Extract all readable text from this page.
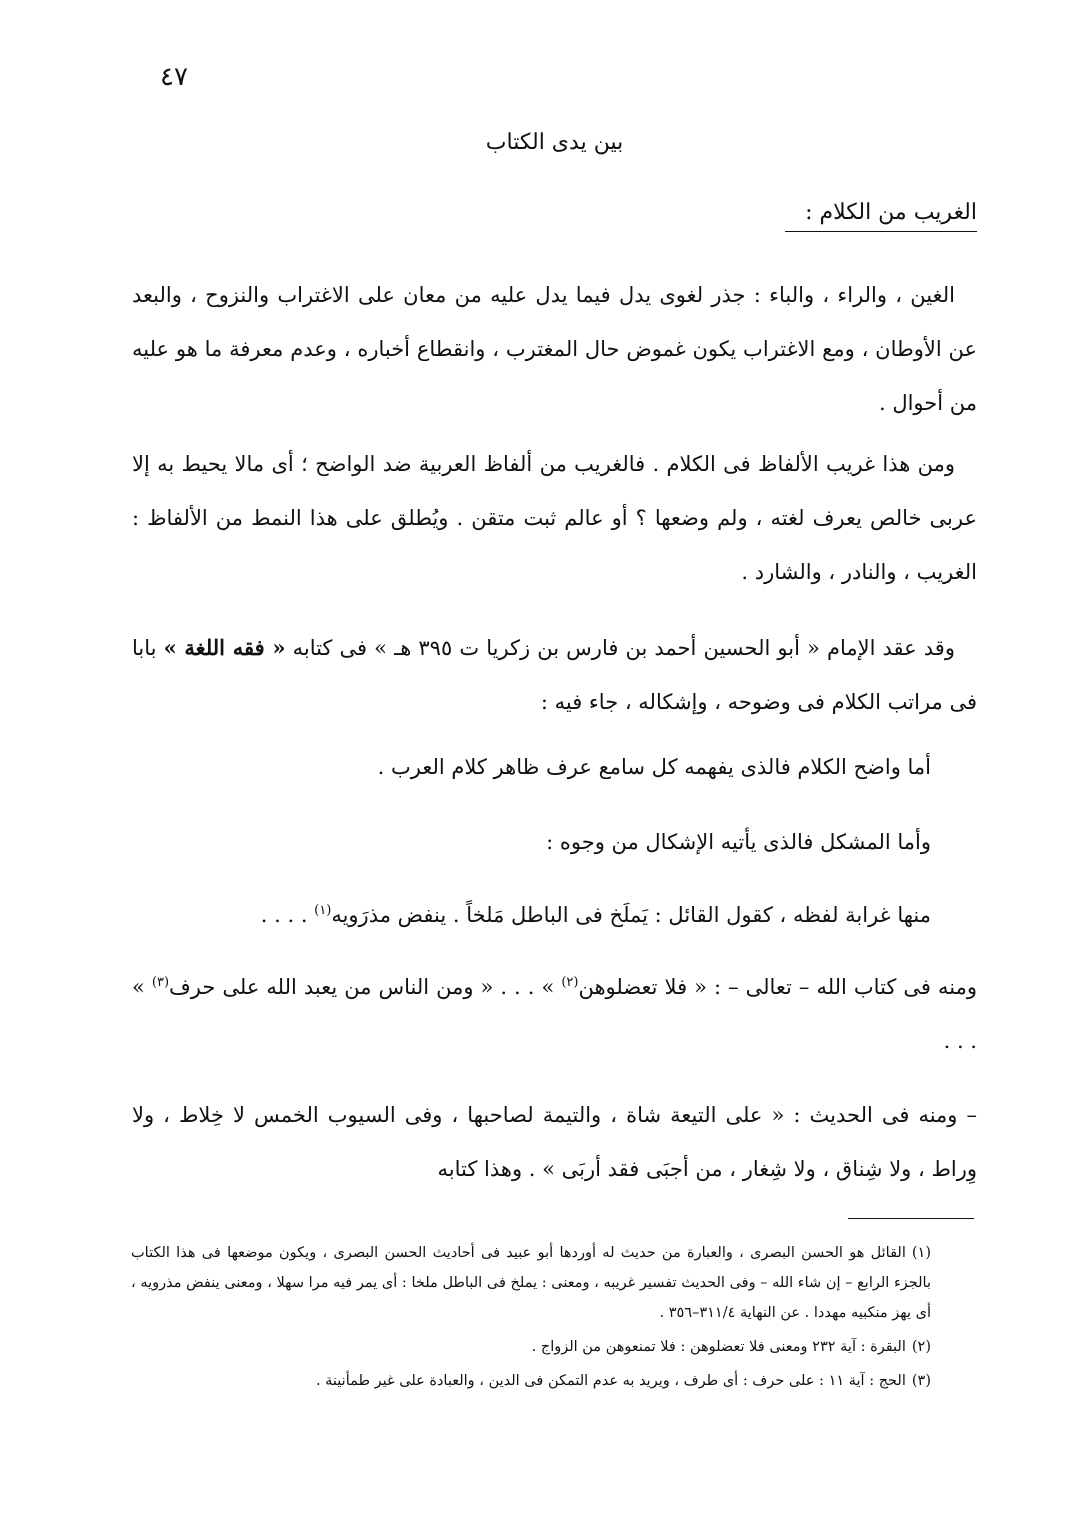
٤٧
بين يدى الكتاب
الغريب من الكلام :

الغين ، والراء ، والباء : جذر لغوى يدل فيما يدل عليه من معان على الاغتراب والنزوح ، والبعد عن الأوطان ، ومع الاغتراب يكون غموض حال المغترب ، وانقطاع أخباره ، وعدم معرفة ما هو عليه من أحوال .

ومن هذا غريب الألفاظ فى الكلام . فالغريب من ألفاظ العربية ضد الواضح ؛ أى مالا يحيط به إلا عربى خالص يعرف لغته ، ولم وضعها ؟ أو عالم ثبت متقن . ويُطلق على هذا النمط من الألفاظ : الغريب ، والنادر ، والشارد .

وقد عقد الإمام « أبو الحسين أحمد بن فارس بن زكريا ت ٣٩٥ هـ » فى كتابه « فقه اللغة » بابا فى مراتب الكلام فى وضوحه ، وإشكاله ، جاء فيه :

أما واضح الكلام فالذى يفهمه كل سامع عرف ظاهر كلام العرب .

وأما المشكل فالذى يأتيه الإشكال من وجوه :

منها غرابة لفظه ، كقول القائل : يَملَخ فى الباطل مَلخاً . ينفض مذرَويه$^{(١)}$ . . . .

ومنه فى كتاب الله – تعالى – : « فلا تعضلوهن$^{(٢)}$ » . . . « ومن الناس من يعبد الله على حرف$^{(٣)}$ » . . .

– ومنه فى الحديث : « على التيعة شاة ، والتيمة لصاحبها ، وفى السيوب الخمس لا خِلاط ، ولا وِراط ، ولا شِناق ، ولا شِغار ، من أجبَى فقد أربَى » . وهذا كتابه

(١)القائل هو الحسن البصرى ، والعبارة من حديث له أوردها أبو عبيد فى أحاديث الحسن البصرى ، ويكون موضعها فى هذا الكتاب بالجزء الرابع – إن شاء الله – وفى الحديث تفسير غريبه ، ومعنى : يملخ فى الباطل ملخا : أى يمر فيه مرا سهلا ، ومعنى ينفض مذرويه ، أى يهز منكبيه مهددا . عن النهاية ٣١١/٤–٣٥٦ .

(٢)البقرة : آية ٢٣٢ ومعنى فلا تعضلوهن : فلا تمنعوهن من الزواج .

(٣)الحج : آية ١١ : على حرف : أى طرف ، ويريد به عدم التمكن فى الدين ، والعبادة على غير طمأنينة .
